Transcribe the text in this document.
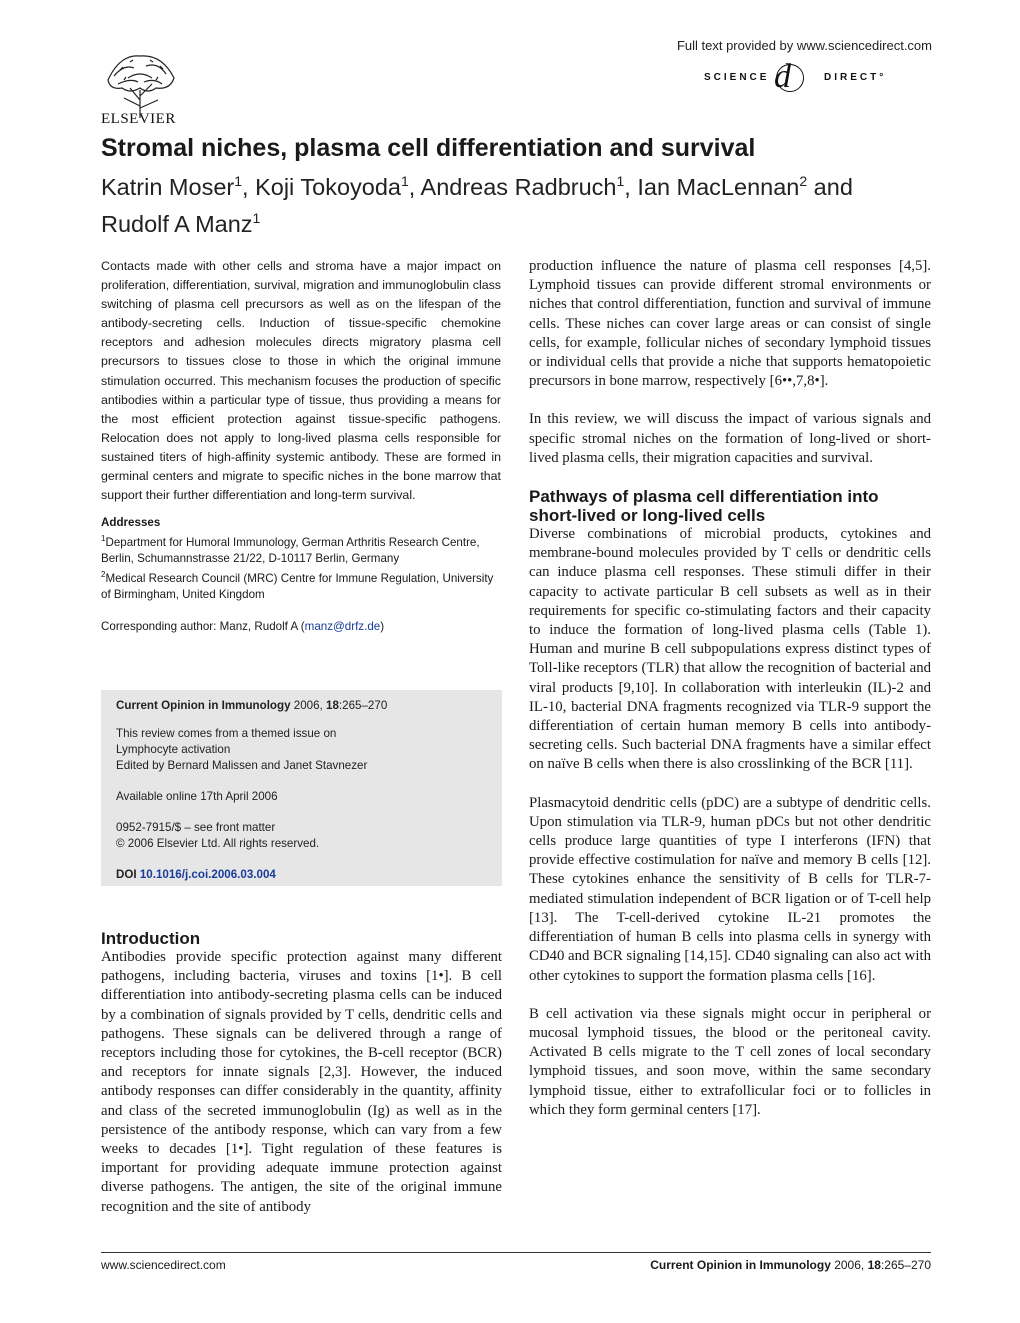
ELSEVIER
Full text provided by www.sciencedirect.com
SCIENCE d	DIRECT°
Stromal niches, plasma cell differentiation and survival
Katrin Moser$^1$, Koji Tokoyoda$^1$, Andreas Radbruch$^1$, Ian MacLennan$^2$ and
Rudolf A Manz$^1$

Contacts made with other cells and stroma have a major impact on proliferation, differentiation, survival, migration and immunoglobulin class switching of plasma cell precursors as well as on the lifespan of the antibody-secreting cells. Induction of tissue-specific chemokine receptors and adhesion molecules directs migratory plasma cell precursors to tissues close to those in which the original immune stimulation occurred. This mechanism focuses the production of specific antibodies within a particular type of tissue, thus providing a means for the most efficient protection against tissue-specific pathogens. Relocation does not apply to long-lived plasma cells responsible for sustained titers of high-affinity systemic antibody. These are formed in germinal centers and migrate to specific niches in the bone marrow that support their further differentiation and long-term survival.

Addresses
$^1$Department for Humoral Immunology, German Arthritis Research Centre, Berlin, Schumannstrasse 21/22, D-10117 Berlin, Germany
$^2$Medical Research Council (MRC) Centre for Immune Regulation, University of Birmingham, United Kingdom
Corresponding author: Manz, Rudolf A (manz@drfz.de)

Current Opinion in Immunology 2006, 18:265–270

This review comes from a themed issue on

Lymphocyte activation

Edited by Bernard Malissen and Janet Stavnezer

Available online 17th April 2006

0952-7915/$ – see front matter

© 2006 Elsevier Ltd. All rights reserved.

DOI 10.1016/j.coi.2006.03.004

Introduction

Antibodies provide specific protection against many different pathogens, including bacteria, viruses and toxins [1•]. B cell differentiation into antibody-secreting plasma cells can be induced by a combination of signals provided by T cells, dendritic cells and pathogens. These signals can be delivered through a range of receptors including those for cytokines, the B-cell receptor (BCR) and receptors for innate signals [2,3]. However, the induced antibody responses can differ considerably in the quantity, affinity and class of the secreted immunoglobulin (Ig) as well as in the persistence of the antibody response, which can vary from a few weeks to decades [1•]. Tight regulation of these features is important for providing adequate immune protection against diverse pathogens. The antigen, the site of the original immune recognition and the site of antibody

production influence the nature of plasma cell responses [4,5]. Lymphoid tissues can provide different stromal environments or niches that control differentiation, function and survival of immune cells. These niches can cover large areas or can consist of single cells, for example, follicular niches of secondary lymphoid tissues or individual cells that provide a niche that supports hematopoietic precursors in bone marrow, respectively [6••,7,8•].

In this review, we will discuss the impact of various signals and specific stromal niches on the formation of long-lived or short-lived plasma cells, their migration capacities and survival.

Pathways of plasma cell differentiation into short-lived or long-lived cells

Diverse combinations of microbial products, cytokines and membrane-bound molecules provided by T cells or dendritic cells can induce plasma cell responses. These stimuli differ in their capacity to activate particular B cell subsets as well as in their requirements for specific co-stimulating factors and their capacity to induce the formation of long-lived plasma cells (Table 1). Human and murine B cell subpopulations express distinct types of Toll-like receptors (TLR) that allow the recognition of bacterial and viral products [9,10]. In collaboration with interleukin (IL)-2 and IL-10, bacterial DNA fragments recognized via TLR-9 support the differentiation of certain human memory B cells into antibody-secreting cells. Such bacterial DNA fragments have a similar effect on naïve B cells when there is also crosslinking of the BCR [11].

Plasmacytoid dendritic cells (pDC) are a subtype of dendritic cells. Upon stimulation via TLR-9, human pDCs but not other dendritic cells produce large quantities of type I interferons (IFN) that provide effective costimulation for naïve and memory B cells [12]. These cytokines enhance the sensitivity of B cells for TLR-7-mediated stimulation independent of BCR ligation or of T-cell help [13]. The T-cell-derived cytokine IL-21 promotes the differentiation of human B cells into plasma cells in synergy with CD40 and BCR signaling [14,15]. CD40 signaling can also act with other cytokines to support the formation plasma cells [16].

B cell activation via these signals might occur in peripheral or mucosal lymphoid tissues, the blood or the peritoneal cavity. Activated B cells migrate to the T cell zones of local secondary lymphoid tissues, and soon move, within the same secondary lymphoid tissue, either to extrafollicular foci or to follicles in which they form germinal centers [17].

www.sciencedirect.com	Current Opinion in Immunology 2006, 18:265–270
